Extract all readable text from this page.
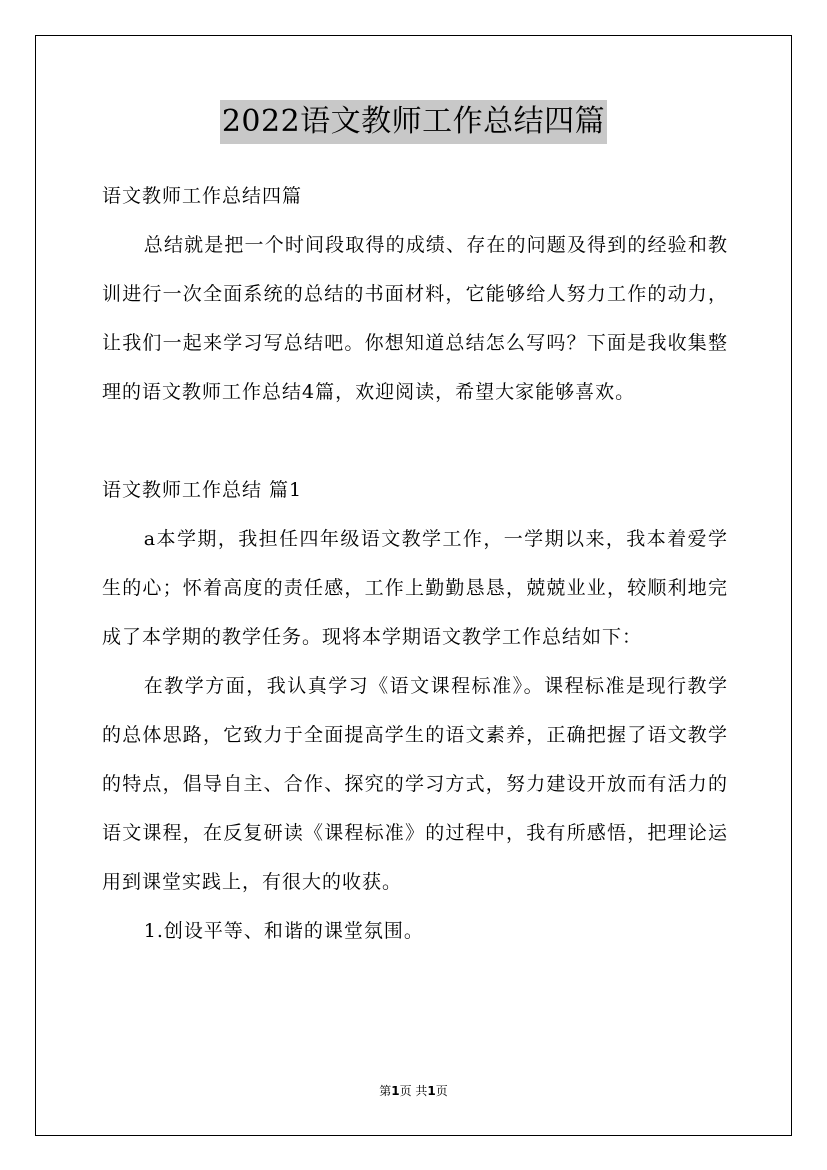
2022语文教师工作总结四篇

语文教师工作总结四篇

总结就是把一个时间段取得的成绩、存在的问题及得到的经验和教训进行一次全面系统的总结的书面材料，它能够给人努力工作的动力，让我们一起来学习写总结吧。你想知道总结怎么写吗？下面是我收集整理的语文教师工作总结4篇，欢迎阅读，希望大家能够喜欢。

语文教师工作总结 篇1

a本学期，我担任四年级语文教学工作，一学期以来，我本着爱学生的心；怀着高度的责任感，工作上勤勤恳恳，兢兢业业，较顺利地完成了本学期的教学任务。现将本学期语文教学工作总结如下：

在教学方面，我认真学习《语文课程标准》。课程标准是现行教学的总体思路，它致力于全面提高学生的语文素养，正确把握了语文教学的特点，倡导自主、合作、探究的学习方式，努力建设开放而有活力的语文课程，在反复研读《课程标准》的过程中，我有所感悟，把理论运用到课堂实践上，有很大的收获。

1.创设平等、和谐的课堂氛围。

第1页 共1页
